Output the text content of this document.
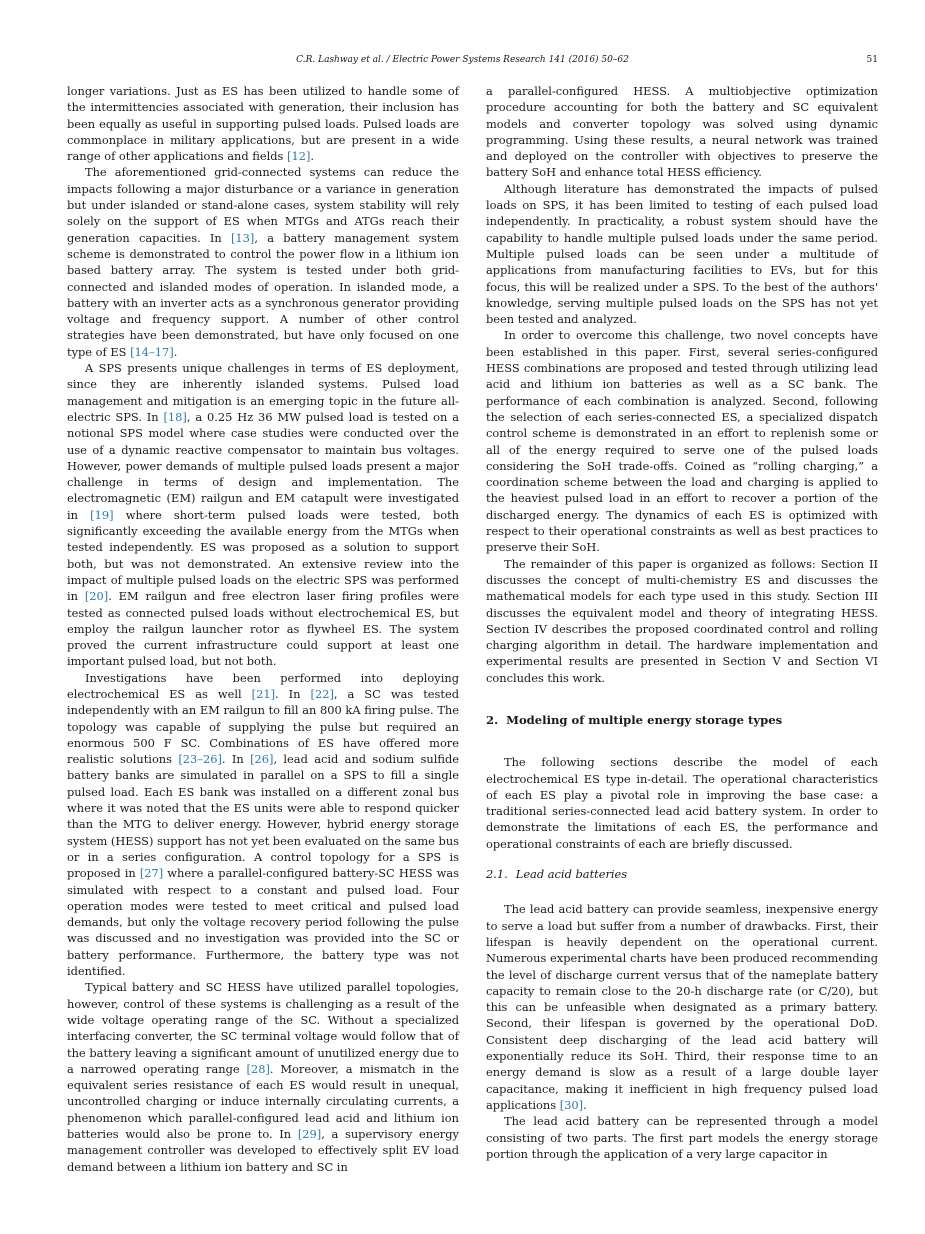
C.R. Lashway et al. / Electric Power Systems Research 141 (2016) 50–62	51

longer variations. Just as ES has been utilized to handle some of the intermittencies associated with generation, their inclusion has been equally as useful in supporting pulsed loads. Pulsed loads are commonplace in military applications, but are present in a wide range of other applications and fields [12].

The aforementioned grid-connected systems can reduce the impacts following a major disturbance or a variance in generation but under islanded or stand-alone cases, system stability will rely solely on the support of ES when MTGs and ATGs reach their generation capacities. In [13], a battery management system scheme is demonstrated to control the power flow in a lithium ion based battery array. The system is tested under both grid-connected and islanded modes of operation. In islanded mode, a battery with an inverter acts as a synchronous generator providing voltage and frequency support. A number of other control strategies have been demonstrated, but have only focused on one type of ES [14–17].

A SPS presents unique challenges in terms of ES deployment, since they are inherently islanded systems. Pulsed load management and mitigation is an emerging topic in the future all-electric SPS. In [18], a 0.25 Hz 36 MW pulsed load is tested on a notional SPS model where case studies were conducted over the use of a dynamic reactive compensator to maintain bus voltages. However, power demands of multiple pulsed loads present a major challenge in terms of design and implementation. The electromagnetic (EM) railgun and EM catapult were investigated in [19] where short-term pulsed loads were tested, both significantly exceeding the available energy from the MTGs when tested independently. ES was proposed as a solution to support both, but was not demonstrated. An extensive review into the impact of multiple pulsed loads on the electric SPS was performed in [20]. EM railgun and free electron laser firing profiles were tested as connected pulsed loads without electrochemical ES, but employ the railgun launcher rotor as flywheel ES. The system proved the current infrastructure could support at least one important pulsed load, but not both.

Investigations have been performed into deploying electrochemical ES as well [21]. In [22], a SC was tested independently with an EM railgun to fill an 800 kA firing pulse. The topology was capable of supplying the pulse but required an enormous 500 F SC. Combinations of ES have offered more realistic solutions [23–26]. In [26], lead acid and sodium sulfide battery banks are simulated in parallel on a SPS to fill a single pulsed load. Each ES bank was installed on a different zonal bus where it was noted that the ES units were able to respond quicker than the MTG to deliver energy. However, hybrid energy storage system (HESS) support has not yet been evaluated on the same bus or in a series configuration. A control topology for a SPS is proposed in [27] where a parallel-configured battery-SC HESS was simulated with respect to a constant and pulsed load. Four operation modes were tested to meet critical and pulsed load demands, but only the voltage recovery period following the pulse was discussed and no investigation was provided into the SC or battery performance. Furthermore, the battery type was not identified.

Typical battery and SC HESS have utilized parallel topologies, however, control of these systems is challenging as a result of the wide voltage operating range of the SC. Without a specialized interfacing converter, the SC terminal voltage would follow that of the battery leaving a significant amount of unutilized energy due to a narrowed operating range [28]. Moreover, a mismatch in the equivalent series resistance of each ES would result in unequal, uncontrolled charging or induce internally circulating currents, a phenomenon which parallel-configured lead acid and lithium ion batteries would also be prone to. In [29], a supervisory energy management controller was developed to effectively split EV load demand between a lithium ion battery and SC in

a parallel-configured HESS. A multiobjective optimization procedure accounting for both the battery and SC equivalent models and converter topology was solved using dynamic programming. Using these results, a neural network was trained and deployed on the controller with objectives to preserve the battery SoH and enhance total HESS efficiency.

Although literature has demonstrated the impacts of pulsed loads on SPS, it has been limited to testing of each pulsed load independently. In practicality, a robust system should have the capability to handle multiple pulsed loads under the same period. Multiple pulsed loads can be seen under a multitude of applications from manufacturing facilities to EVs, but for this focus, this will be realized under a SPS. To the best of the authors' knowledge, serving multiple pulsed loads on the SPS has not yet been tested and analyzed.

In order to overcome this challenge, two novel concepts have been established in this paper. First, several series-configured HESS combinations are proposed and tested through utilizing lead acid and lithium ion batteries as well as a SC bank. The performance of each combination is analyzed. Second, following the selection of each series-connected ES, a specialized dispatch control scheme is demonstrated in an effort to replenish some or all of the energy required to serve one of the pulsed loads considering the SoH trade-offs. Coined as “rolling charging,” a coordination scheme between the load and charging is applied to the heaviest pulsed load in an effort to recover a portion of the discharged energy. The dynamics of each ES is optimized with respect to their operational constraints as well as best practices to preserve their SoH.

The remainder of this paper is organized as follows: Section II discusses the concept of multi-chemistry ES and discusses the mathematical models for each type used in this study. Section III discusses the equivalent model and theory of integrating HESS. Section IV describes the proposed coordinated control and rolling charging algorithm in detail. The hardware implementation and experimental results are presented in Section V and Section VI concludes this work.

2. Modeling of multiple energy storage types

The following sections describe the model of each electrochemical ES type in-detail. The operational characteristics of each ES play a pivotal role in improving the base case: a traditional series-connected lead acid battery system. In order to demonstrate the limitations of each ES, the performance and operational constraints of each are briefly discussed.

2.1. Lead acid batteries

The lead acid battery can provide seamless, inexpensive energy to serve a load but suffer from a number of drawbacks. First, their lifespan is heavily dependent on the operational current. Numerous experimental charts have been produced recommending the level of discharge current versus that of the nameplate battery capacity to remain close to the 20-h discharge rate (or C/20), but this can be unfeasible when designated as a primary battery. Second, their lifespan is governed by the operational DoD. Consistent deep discharging of the lead acid battery will exponentially reduce its SoH. Third, their response time to an energy demand is slow as a result of a large double layer capacitance, making it inefficient in high frequency pulsed load applications [30].

The lead acid battery can be represented through a model consisting of two parts. The first part models the energy storage portion through the application of a very large capacitor in
